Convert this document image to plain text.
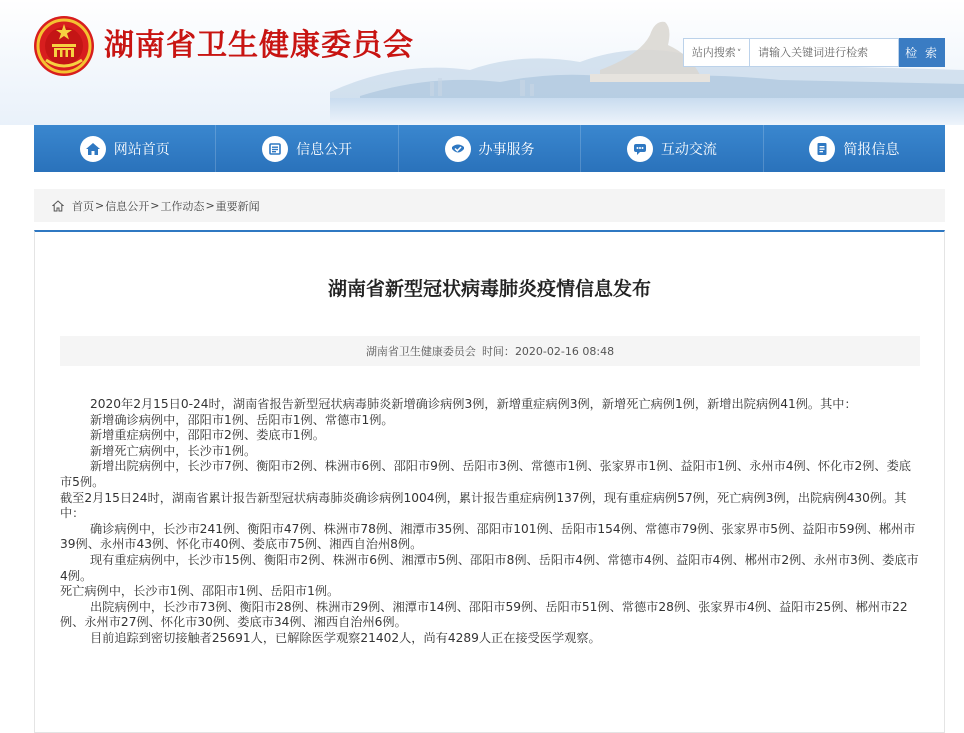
湖南省卫生健康委员会	站内搜索˅
请输入关键词进行检索	检 索
网站首页	信息公开	办事服务	互动交流	简报信息
首页 > 信息公开 > 工作动态 > 重要新闻
湖南省新型冠状病毒肺炎疫情信息发布
湖南省卫生健康委员会 时间： 2020-02-16 08:48

2020年2月15日0-24时，湖南省报告新型冠状病毒肺炎新增确诊病例3例，新增重症病例3例，新增死亡病例1例，新增出院病例41例。其中：

新增确诊病例中，邵阳市1例、岳阳市1例、常德市1例。

新增重症病例中，邵阳市2例、娄底市1例。

新增死亡病例中，长沙市1例。

新增出院病例中，长沙市7例、衡阳市2例、株洲市6例、邵阳市9例、岳阳市3例、常德市1例、张家界市1例、益阳市1例、永州市4例、怀化市2例、娄底市5例。

截至2月15日24时，湖南省累计报告新型冠状病毒肺炎确诊病例1004例，累计报告重症病例137例，现有重症病例57例，死亡病例3例，出院病例430例。其中：

确诊病例中，长沙市241例、衡阳市47例、株洲市78例、湘潭市35例、邵阳市101例、岳阳市154例、常德市79例、张家界市5例、益阳市59例、郴州市39例、永州市43例、怀化市40例、娄底市75例、湘西自治州8例。

现有重症病例中，长沙市15例、衡阳市2例、株洲市6例、湘潭市5例、邵阳市8例、岳阳市4例、常德市4例、益阳市4例、郴州市2例、永州市3例、娄底市4例。

死亡病例中，长沙市1例、邵阳市1例、岳阳市1例。

出院病例中，长沙市73例、衡阳市28例、株洲市29例、湘潭市14例、邵阳市59例、岳阳市51例、常德市28例、张家界市4例、益阳市25例、郴州市22例、永州市27例、怀化市30例、娄底市34例、湘西自治州6例。

目前追踪到密切接触者25691人，已解除医学观察21402人，尚有4289人正在接受医学观察。
